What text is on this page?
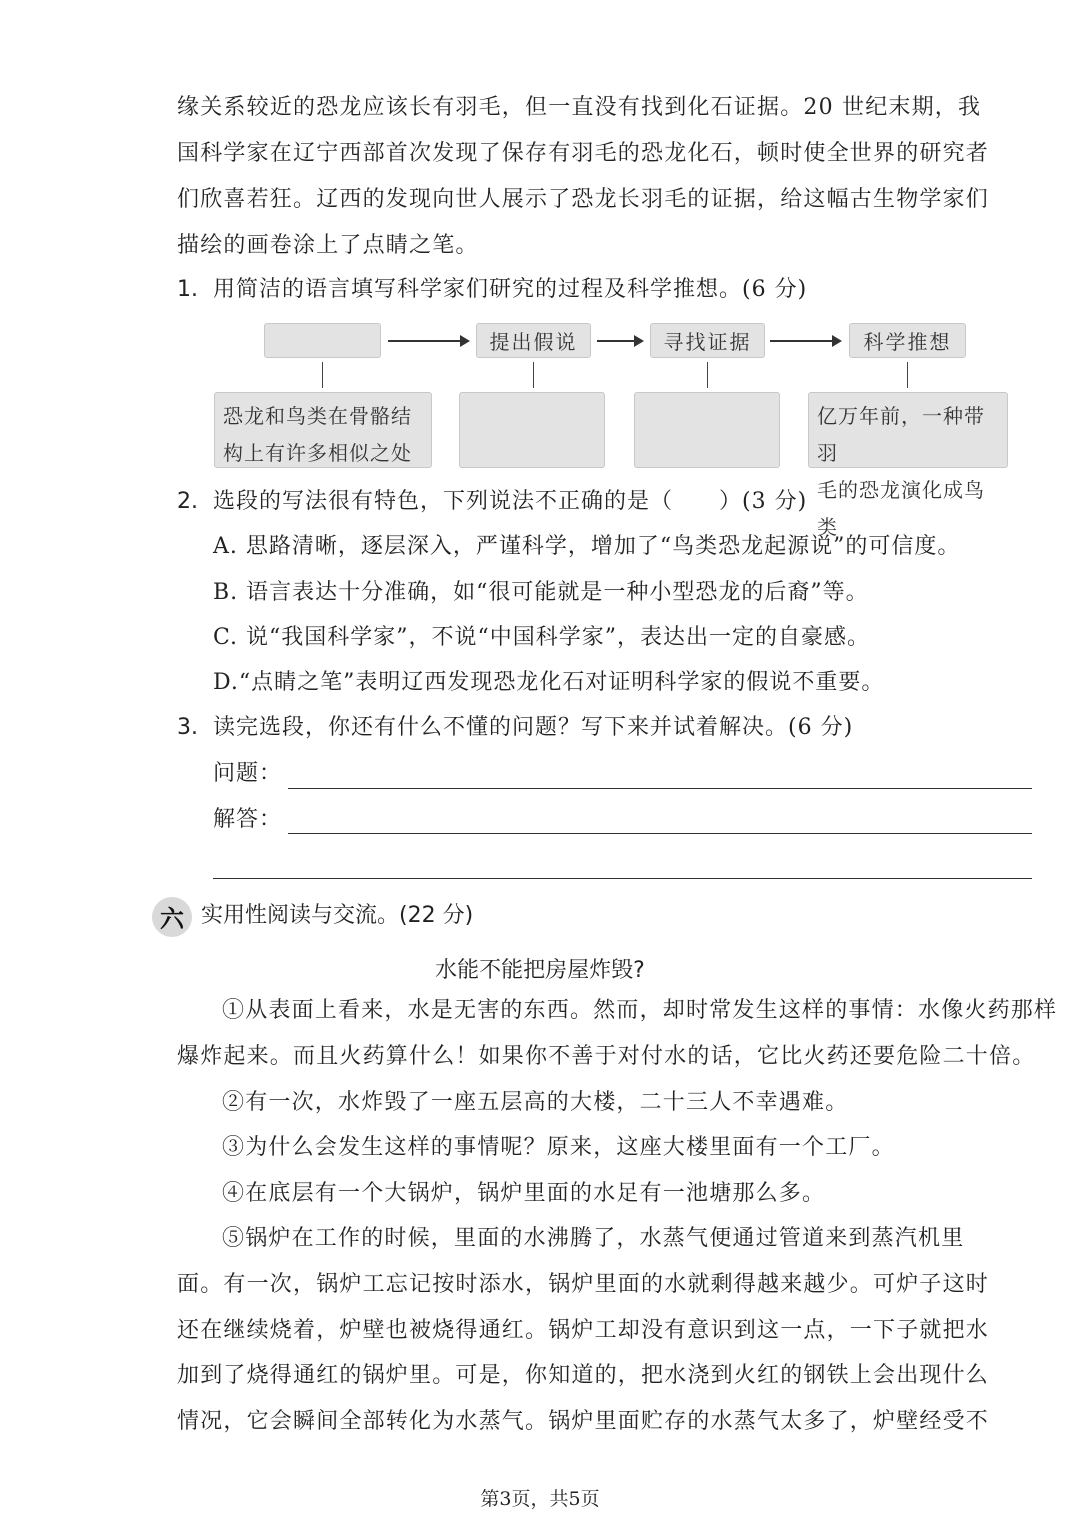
缘关系较近的恐龙应该长有羽毛，但一直没有找到化石证据。20 世纪末期，我
国科学家在辽宁西部首次发现了保存有羽毛的恐龙化石，顿时使全世界的研究者
们欣喜若狂。辽西的发现向世人展示了恐龙长羽毛的证据，给这幅古生物学家们
描绘的画卷涂上了点睛之笔。
1. 用简洁的语言填写科学家们研究的过程及科学推想。(6 分)
提出假说	寻找证据	科学推想
恐龙和鸟类在骨骼结
构上有许多相似之处
亿万年前，一种带羽
毛的恐龙演化成鸟类
2. 选段的写法很有特色，下列说法不正确的是（　　）(3 分)
A. 思路清晰，逐层深入，严谨科学，增加了“鸟类恐龙起源说”的可信度。
B. 语言表达十分准确，如“很可能就是一种小型恐龙的后裔”等。
C. 说“我国科学家”，不说“中国科学家”，表达出一定的自豪感。
D.“点睛之笔”表明辽西发现恐龙化石对证明科学家的假说不重要。
3. 读完选段，你还有什么不懂的问题？写下来并试着解决。(6 分)
问题：
解答：
六 实用性阅读与交流。(22 分)
水能不能把房屋炸毁?
①从表面上看来，水是无害的东西。然而，却时常发生这样的事情：水像火药那样
爆炸起来。而且火药算什么！如果你不善于对付水的话，它比火药还要危险二十倍。
②有一次，水炸毁了一座五层高的大楼，二十三人不幸遇难。
③为什么会发生这样的事情呢？原来，这座大楼里面有一个工厂。
④在底层有一个大锅炉，锅炉里面的水足有一池塘那么多。
⑤锅炉在工作的时候，里面的水沸腾了，水蒸气便通过管道来到蒸汽机里
面。有一次，锅炉工忘记按时添水，锅炉里面的水就剩得越来越少。可炉子这时
还在继续烧着，炉壁也被烧得通红。锅炉工却没有意识到这一点，一下子就把水
加到了烧得通红的锅炉里。可是，你知道的，把水浇到火红的钢铁上会出现什么
情况，它会瞬间全部转化为水蒸气。锅炉里面贮存的水蒸气太多了，炉壁经受不
第3页，共5页
